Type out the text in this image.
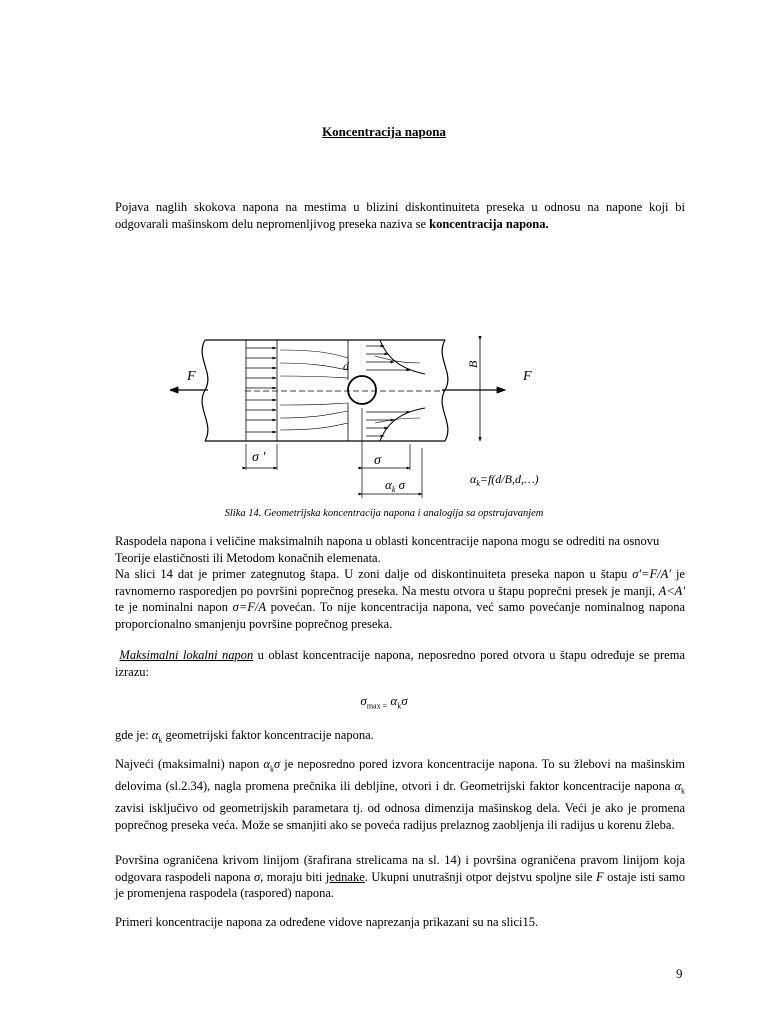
Koncentracija napona
Pojava naglih skokova napona na mestima u blizini diskontinuiteta preseka u odnosu na napone koji bi odgovarali mašinskom delu nepromenljivog preseka naziva se koncentracija napona.
F	F
d	B
σ '	σ
$\alpha_k$ σ	$\alpha_k=f(d/B,d,\dots)$
Slika 14. Geometrijska koncentracija napona i analogija sa opstrujavanjem
Raspodela napona i veličine maksimalnih napona u oblasti koncentracije napona mogu se odrediti na osnovu Teorije elastičnosti ili Metodom konačnih elemenata.
Na slici 14 dat je primer zategnutog štapa. U zoni dalje od diskontinuiteta preseka napon u štapu σ'=F/A' je ravnomerno rasporedjen po površini poprečnog preseka. Na mestu otvora u štapu poprečni presek je manji, A<A' te je nominalni napon σ=F/A povećan. To nije koncentracija napona, već samo povećanje nominalnog napona proporcionalno smanjenju površine poprečnog preseka.
Maksimalni lokalni napon u oblast koncentracije napona, neposredno pored otvora u štapu određuje se prema izrazu:
$\sigma_{max =}$ $\alpha_k\sigma$
gde je: $\alpha_k$ geometrijski faktor koncentracije napona.
Najveći (maksimalni) napon $\alpha_k\sigma$ je neposredno pored izvora koncentracije napona. To su žlebovi na mašinskim delovima (sl.2.34), nagla promena prečnika ili debljine, otvori i dr. Geometrijski faktor koncentracije napona $\alpha_k$ zavisi isključivo od geometrijskih parametara tj. od odnosa dimenzija mašinskog dela. Veći je ako je promena poprečnog preseka veća. Može se smanjiti ako se poveća radijus prelaznog zaobljenja ili radijus u korenu žleba.
Površina ograničena krivom linijom (šrafirana strelicama na sl. 14) i površina ograničena pravom linijom koja odgovara raspodeli napona σ, moraju biti jednake. Ukupni unutrašnji otpor dejstvu spoljne sile F ostaje isti samo je promenjena raspodela (raspored) napona.
Primeri koncentracije napona za određene vidove naprezanja prikazani su na slici15.
9
